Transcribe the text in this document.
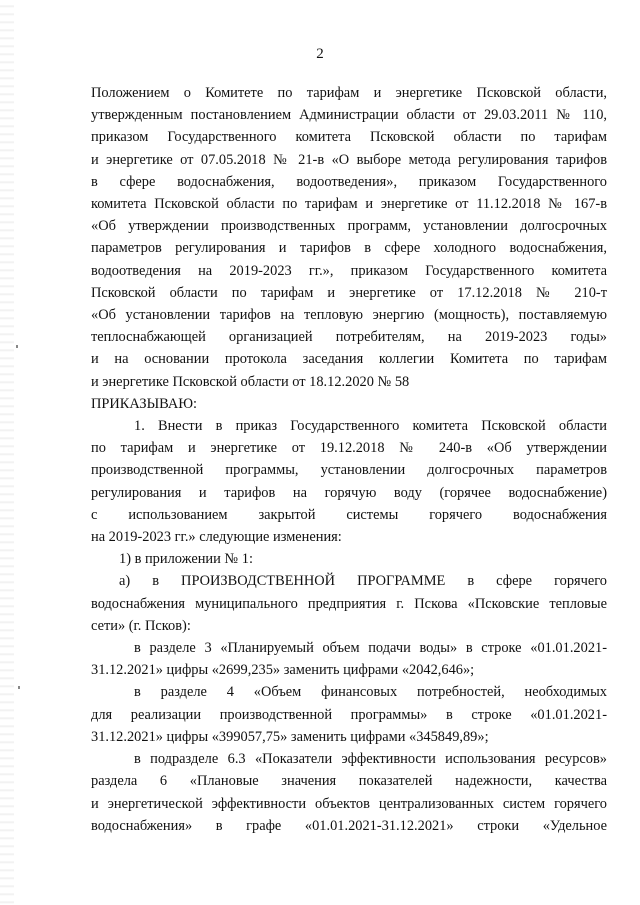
2

Положением о Комитете по тарифам и энергетике Псковской области,

утвержденным постановлением Администрации области от 29.03.2011 № 110,

приказом Государственного комитета Псковской области по тарифам

и энергетике от 07.05.2018 № 21-в «О выборе метода регулирования тарифов

в сфере водоснабжения, водоотведения», приказом Государственного

комитета Псковской области по тарифам и энергетике от 11.12.2018 № 167-в

«Об утверждении производственных программ, установлении долгосрочных

параметров регулирования и тарифов в сфере холодного водоснабжения,

водоотведения на 2019-2023 гг.», приказом Государственного комитета

Псковской области по тарифам и энергетике от 17.12.2018 № 210-т

«Об установлении тарифов на тепловую энергию (мощность), поставляемую

теплоснабжающей организацией потребителям, на 2019-2023 годы»

и на основании протокола заседания коллегии Комитета по тарифам

и энергетике Псковской области от 18.12.2020 № 58

ПРИКАЗЫВАЮ:

1. Внести в приказ Государственного комитета Псковской области

по тарифам и энергетике от 19.12.2018 № 240-в «Об утверждении

производственной программы, установлении долгосрочных параметров

регулирования и тарифов на горячую воду (горячее водоснабжение)

с использованием закрытой системы горячего водоснабжения

на 2019-2023 гг.» следующие изменения:

1) в приложении № 1:

а) в ПРОИЗВОДСТВЕННОЙ ПРОГРАММЕ в сфере горячего

водоснабжения муниципального предприятия г. Пскова «Псковские тепловые

сети» (г. Псков):

в разделе 3 «Планируемый объем подачи воды» в строке «01.01.2021-

31.12.2021» цифры «2699,235» заменить цифрами «2042,646»;

в разделе 4 «Объем финансовых потребностей, необходимых

для реализации производственной программы» в строке «01.01.2021-

31.12.2021» цифры «399057,75» заменить цифрами «345849,89»;

в подразделе 6.3 «Показатели эффективности использования ресурсов»

раздела 6 «Плановые значения показателей надежности, качества

и энергетической эффективности объектов централизованных систем горячего

водоснабжения» в графе «01.01.2021-31.12.2021» строки «Удельное
